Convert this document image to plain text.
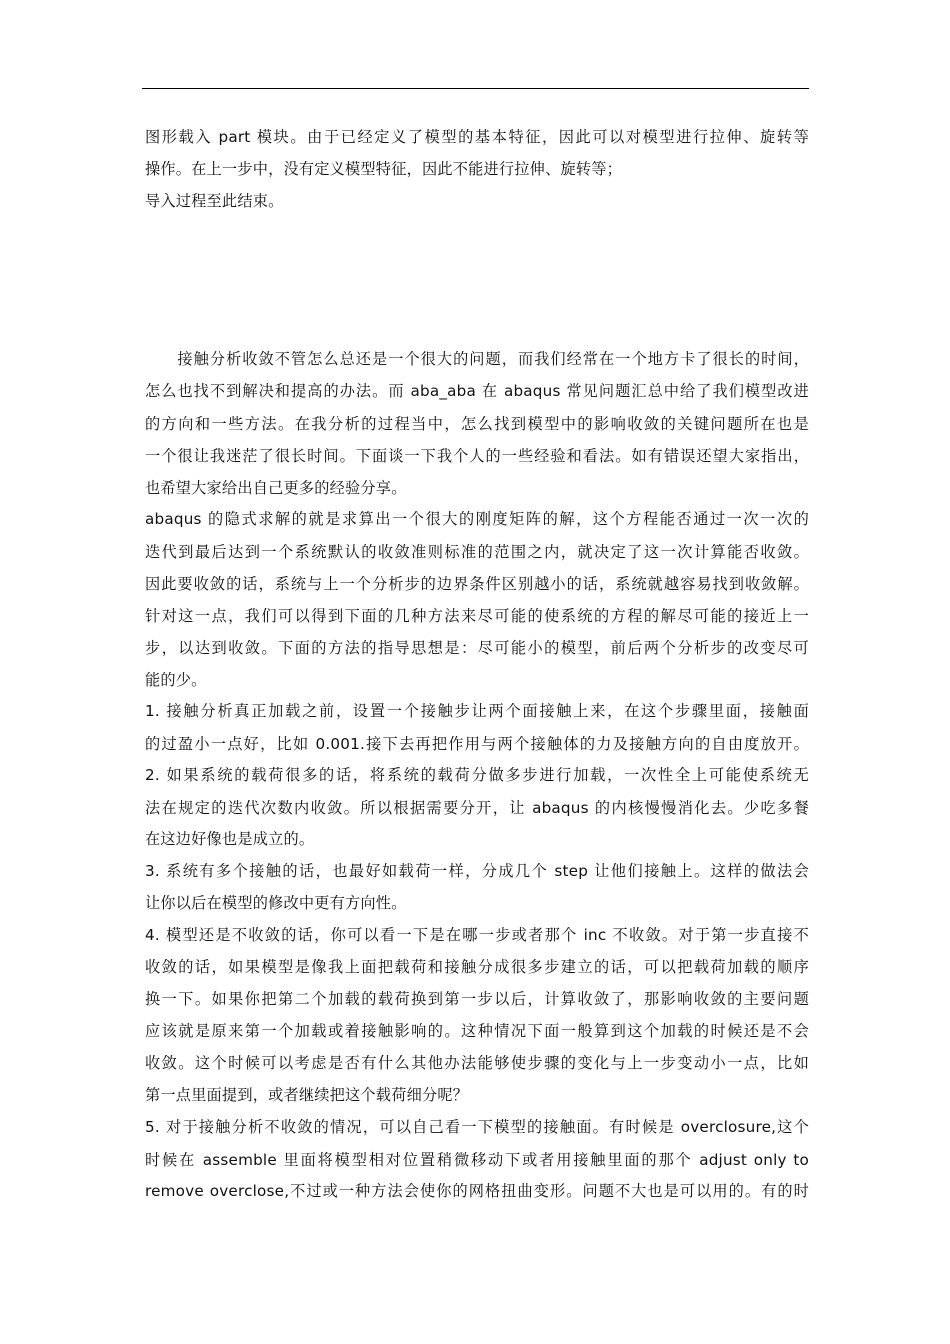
图形载入 part 模块。由于已经定义了模型的基本特征，因此可以对模型进行拉伸、旋转等
操作。在上一步中，没有定义模型特征，因此不能进行拉伸、旋转等；
导入过程至此结束。
　　接触分析收敛不管怎么总还是一个很大的问题，而我们经常在一个地方卡了很长的时间，
怎么也找不到解决和提高的办法。而 aba_aba 在 abaqus 常见问题汇总中给了我们模型改进
的方向和一些方法。在我分析的过程当中，怎么找到模型中的影响收敛的关键问题所在也是
一个很让我迷茫了很长时间。下面谈一下我个人的一些经验和看法。如有错误还望大家指出，
也希望大家给出自己更多的经验分享。
abaqus 的隐式求解的就是求算出一个很大的刚度矩阵的解，这个方程能否通过一次一次的
迭代到最后达到一个系统默认的收敛准则标准的范围之内，就决定了这一次计算能否收敛。
因此要收敛的话，系统与上一个分析步的边界条件区别越小的话，系统就越容易找到收敛解。
针对这一点，我们可以得到下面的几种方法来尽可能的使系统的方程的解尽可能的接近上一
步，以达到收敛。下面的方法的指导思想是：尽可能小的模型，前后两个分析步的改变尽可
能的少。
1. 接触分析真正加载之前，设置一个接触步让两个面接触上来，在这个步骤里面，接触面
的过盈小一点好，比如 0.001.接下去再把作用与两个接触体的力及接触方向的自由度放开。
2. 如果系统的载荷很多的话，将系统的载荷分做多步进行加载，一次性全上可能使系统无
法在规定的迭代次数内收敛。所以根据需要分开，让 abaqus 的内核慢慢消化去。少吃多餐
在这边好像也是成立的。
3. 系统有多个接触的话，也最好如载荷一样，分成几个 step 让他们接触上。这样的做法会
让你以后在模型的修改中更有方向性。
4. 模型还是不收敛的话，你可以看一下是在哪一步或者那个 inc 不收敛。对于第一步直接不
收敛的话，如果模型是像我上面把载荷和接触分成很多步建立的话，可以把载荷加载的顺序
换一下。如果你把第二个加载的载荷换到第一步以后，计算收敛了，那影响收敛的主要问题
应该就是原来第一个加载或着接触影响的。这种情况下面一般算到这个加载的时候还是不会
收敛。这个时候可以考虑是否有什么其他办法能够使步骤的变化与上一步变动小一点，比如
第一点里面提到，或者继续把这个载荷细分呢？
5. 对于接触分析不收敛的情况，可以自己看一下模型的接触面。有时候是 overclosure,这个
时候在 assemble 里面将模型相对位置稍微移动下或者用接触里面的那个 adjust only to
remove overclose,不过或一种方法会使你的网格扭曲变形。问题不大也是可以用的。有的时
